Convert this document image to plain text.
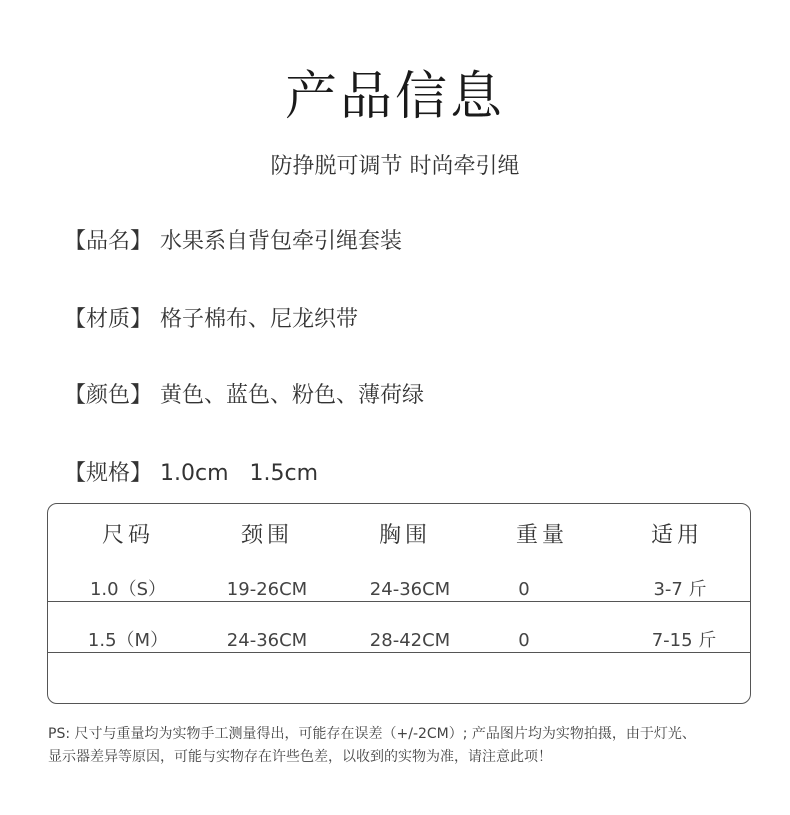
产品信息
防挣脱可调节 时尚牵引绳
【品名】 水果系自背包牵引绳套装
【材质】 格子棉布、尼龙织带
【颜色】 黄色、蓝色、粉色、薄荷绿
【规格】 1.0cm   1.5cm
尺码	颈围	胸围	重量	适用
1.0（S）	19-26CM	24-36CM	0	3-7 斤
1.5（M）	24-36CM	28-42CM	0	7-15 斤
PS: 尺寸与重量均为实物手工测量得出，可能存在误差（+/-2CM）; 产品图片均为实物拍摄，由于灯光、
显示器差异等原因，可能与实物存在许些色差，以收到的实物为准，请注意此项！
